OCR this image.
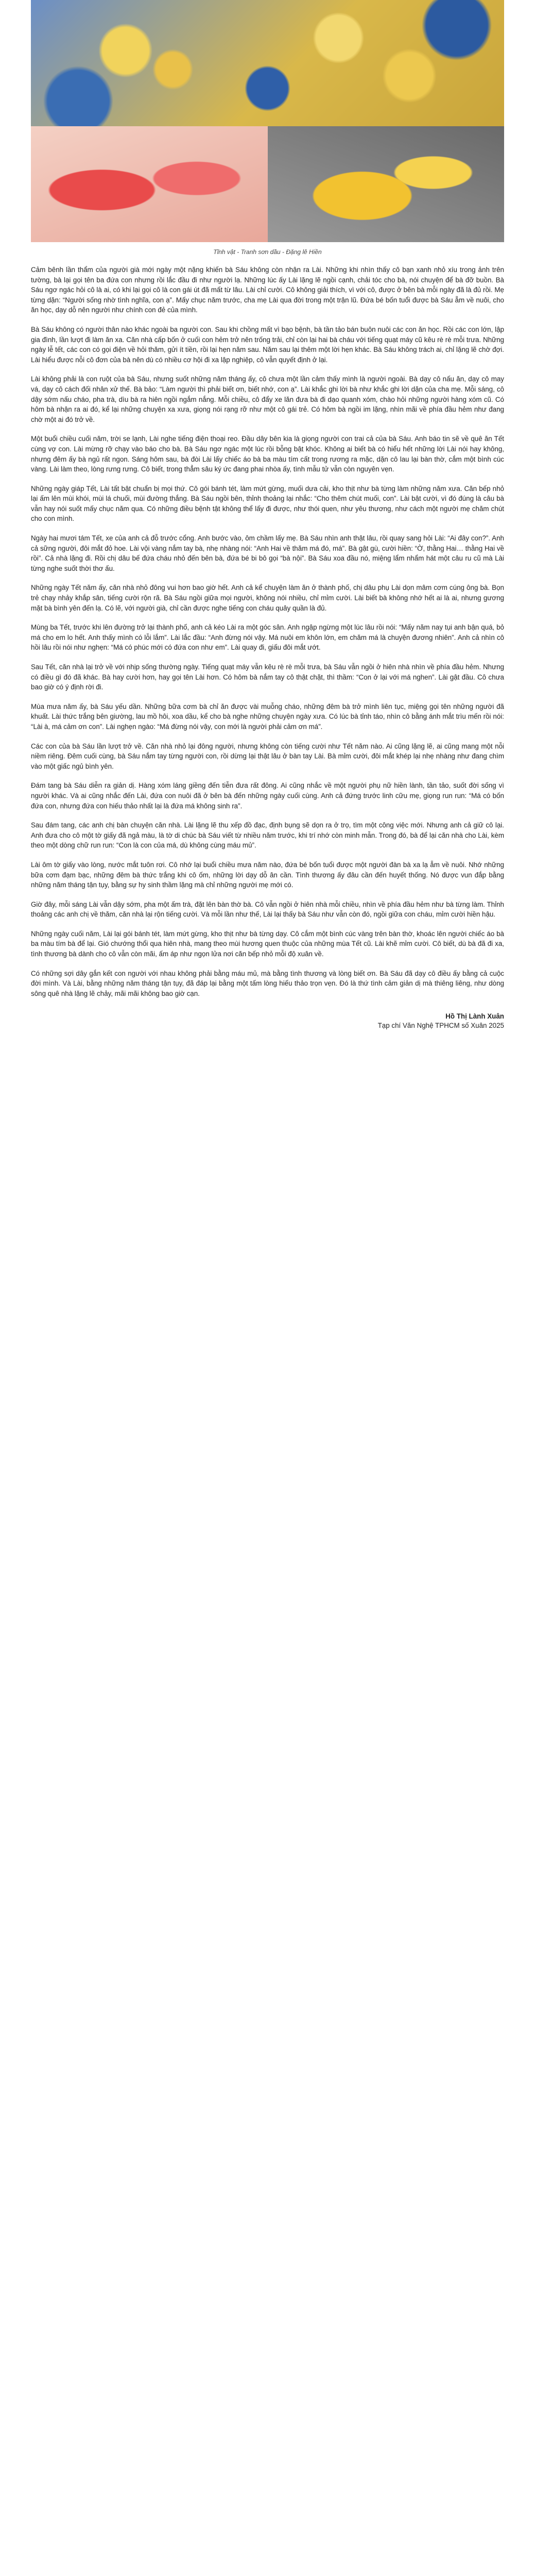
Tĩnh vật - Tranh sơn dầu - Đặng lê Hiền

Cảm bênh lần thẩm của người già mới ngày một nặng khiến bà Sáu không còn nhận ra Lài. Những khi nhìn thấy cô bạn xanh nhỏ xíu trong ảnh trên tường, bà lại gọi tên ba đứa con nhưng rồi lắc đầu đi như người lạ. Những lúc ấy Lài lặng lẽ ngồi cạnh, chải tóc cho bà, nói chuyện để bà đỡ buồn. Bà Sáu ngơ ngác hỏi cô là ai, có khi lại gọi cô là con gái út đã mất từ lâu. Lài chỉ cười. Cô không giải thích, vì với cô, được ở bên bà mỗi ngày đã là đủ rồi. Mẹ từng dặn: “Người sống nhờ tình nghĩa, con ạ”. Mấy chục năm trước, cha mẹ Lài qua đời trong một trận lũ. Đứa bé bốn tuổi được bà Sáu ẵm về nuôi, cho ăn học, dạy dỗ nên người như chính con đẻ của mình.

Bà Sáu không có người thân nào khác ngoài ba người con. Sau khi chồng mất vì bạo bệnh, bà tần tảo bán buôn nuôi các con ăn học. Rồi các con lớn, lập gia đình, lần lượt đi làm ăn xa. Căn nhà cấp bốn ở cuối con hẻm trở nên trống trải, chỉ còn lại hai bà cháu với tiếng quạt máy cũ kêu rè rè mỗi trưa. Những ngày lễ tết, các con có gọi điện về hỏi thăm, gửi ít tiền, rồi lại hẹn năm sau. Năm sau lại thêm một lời hẹn khác. Bà Sáu không trách ai, chỉ lặng lẽ chờ đợi. Lài hiểu được nỗi cô đơn của bà nên dù có nhiều cơ hội đi xa lập nghiệp, cô vẫn quyết định ở lại.

Lài không phải là con ruột của bà Sáu, nhưng suốt những năm tháng ấy, cô chưa một lần cảm thấy mình là người ngoài. Bà dạy cô nấu ăn, dạy cô may vá, dạy cô cách đối nhân xử thế. Bà bảo: “Làm người thì phải biết ơn, biết nhớ, con ạ”. Lài khắc ghi lời bà như khắc ghi lời dặn của cha mẹ. Mỗi sáng, cô dậy sớm nấu cháo, pha trà, dìu bà ra hiên ngồi ngắm nắng. Mỗi chiều, cô đẩy xe lăn đưa bà đi dạo quanh xóm, chào hỏi những người hàng xóm cũ. Có hôm bà nhận ra ai đó, kể lại những chuyện xa xưa, giọng nói rạng rỡ như một cô gái trẻ. Có hôm bà ngồi im lặng, nhìn mãi về phía đầu hẻm như đang chờ một ai đó trở về.

Một buổi chiều cuối năm, trời se lạnh, Lài nghe tiếng điện thoại reo. Đầu dây bên kia là giọng người con trai cả của bà Sáu. Anh báo tin sẽ về quê ăn Tết cùng vợ con. Lài mừng rỡ chạy vào báo cho bà. Bà Sáu ngơ ngác một lúc rồi bỗng bật khóc. Không ai biết bà có hiểu hết những lời Lài nói hay không, nhưng đêm ấy bà ngủ rất ngon. Sáng hôm sau, bà đòi Lài lấy chiếc áo bà ba màu tím cất trong rương ra mặc, dặn cô lau lại bàn thờ, cắm một bình cúc vàng. Lài làm theo, lòng rưng rưng. Cô biết, trong thẳm sâu ký ức đang phai nhòa ấy, tình mẫu tử vẫn còn nguyên vẹn.

Những ngày giáp Tết, Lài tất bật chuẩn bị mọi thứ. Cô gói bánh tét, làm mứt gừng, muối dưa cải, kho thịt như bà từng làm những năm xưa. Căn bếp nhỏ lại ấm lên mùi khói, mùi lá chuối, mùi đường thắng. Bà Sáu ngồi bên, thỉnh thoảng lại nhắc: “Cho thêm chút muối, con”. Lài bật cười, vì đó đúng là câu bà vẫn hay nói suốt mấy chục năm qua. Có những điều bệnh tật không thể lấy đi được, như thói quen, như yêu thương, như cách một người mẹ chăm chút cho con mình.

Ngày hai mươi tám Tết, xe của anh cả đỗ trước cổng. Anh bước vào, ôm chầm lấy mẹ. Bà Sáu nhìn anh thật lâu, rồi quay sang hỏi Lài: “Ai đây con?”. Anh cả sững người, đôi mắt đỏ hoe. Lài vội vàng nắm tay bà, nhẹ nhàng nói: “Anh Hai về thăm má đó, má”. Bà gật gù, cười hiền: “Ờ, thằng Hai… thằng Hai về rồi”. Cả nhà lặng đi. Rồi chị dâu bế đứa cháu nhỏ đến bên bà, đứa bé bi bô gọi “bà nội”. Bà Sáu xoa đầu nó, miệng lẩm nhẩm hát một câu ru cũ mà Lài từng nghe suốt thời thơ ấu.

Những ngày Tết năm ấy, căn nhà nhỏ đông vui hơn bao giờ hết. Anh cả kể chuyện làm ăn ở thành phố, chị dâu phụ Lài dọn mâm cơm cúng ông bà. Bọn trẻ chạy nhảy khắp sân, tiếng cười rộn rã. Bà Sáu ngồi giữa mọi người, không nói nhiều, chỉ mỉm cười. Lài biết bà không nhớ hết ai là ai, nhưng gương mặt bà bình yên đến lạ. Có lẽ, với người già, chỉ cần được nghe tiếng con cháu quây quần là đủ.

Mùng ba Tết, trước khi lên đường trở lại thành phố, anh cả kéo Lài ra một góc sân. Anh ngập ngừng một lúc lâu rồi nói: “Mấy năm nay tụi anh bận quá, bỏ má cho em lo hết. Anh thấy mình có lỗi lắm”. Lài lắc đầu: “Anh đừng nói vậy. Má nuôi em khôn lớn, em chăm má là chuyện đương nhiên”. Anh cả nhìn cô hồi lâu rồi nói như nghẹn: “Má có phúc mới có đứa con như em”. Lài quay đi, giấu đôi mắt ướt.

Sau Tết, căn nhà lại trở về với nhịp sống thường ngày. Tiếng quạt máy vẫn kêu rè rè mỗi trưa, bà Sáu vẫn ngồi ở hiên nhà nhìn về phía đầu hẻm. Nhưng có điều gì đó đã khác. Bà hay cười hơn, hay gọi tên Lài hơn. Có hôm bà nắm tay cô thật chặt, thì thầm: “Con ở lại với má nghen”. Lài gật đầu. Cô chưa bao giờ có ý định rời đi.

Mùa mưa năm ấy, bà Sáu yếu dần. Những bữa cơm bà chỉ ăn được vài muỗng cháo, những đêm bà trở mình liên tục, miệng gọi tên những người đã khuất. Lài thức trắng bên giường, lau mồ hôi, xoa dầu, kể cho bà nghe những chuyện ngày xưa. Có lúc bà tỉnh táo, nhìn cô bằng ánh mắt trìu mến rồi nói: “Lài à, má cảm ơn con”. Lài nghẹn ngào: “Má đừng nói vậy, con mới là người phải cảm ơn má”.

Các con của bà Sáu lần lượt trở về. Căn nhà nhỏ lại đông người, nhưng không còn tiếng cười như Tết năm nào. Ai cũng lặng lẽ, ai cũng mang một nỗi niềm riêng. Đêm cuối cùng, bà Sáu nắm tay từng người con, rồi dừng lại thật lâu ở bàn tay Lài. Bà mỉm cười, đôi mắt khép lại nhẹ nhàng như đang chìm vào một giấc ngủ bình yên.

Đám tang bà Sáu diễn ra giản dị. Hàng xóm láng giềng đến tiễn đưa rất đông. Ai cũng nhắc về một người phụ nữ hiền lành, tần tảo, suốt đời sống vì người khác. Và ai cũng nhắc đến Lài, đứa con nuôi đã ở bên bà đến những ngày cuối cùng. Anh cả đứng trước linh cữu mẹ, giọng run run: “Má có bốn đứa con, nhưng đứa con hiếu thảo nhất lại là đứa má không sinh ra”.

Sau đám tang, các anh chị bàn chuyện căn nhà. Lài lặng lẽ thu xếp đồ đạc, định bụng sẽ dọn ra ở trọ, tìm một công việc mới. Nhưng anh cả giữ cô lại. Anh đưa cho cô một tờ giấy đã ngả màu, là tờ di chúc bà Sáu viết từ nhiều năm trước, khi trí nhớ còn minh mẫn. Trong đó, bà để lại căn nhà cho Lài, kèm theo một dòng chữ run run: “Con là con của má, dù không cùng máu mủ”.

Lài ôm tờ giấy vào lòng, nước mắt tuôn rơi. Cô nhớ lại buổi chiều mưa năm nào, đứa bé bốn tuổi được một người đàn bà xa lạ ẵm về nuôi. Nhớ những bữa cơm đạm bạc, những đêm bà thức trắng khi cô ốm, những lời dạy dỗ ân cần. Tình thương ấy đâu cần đến huyết thống. Nó được vun đắp bằng những năm tháng tận tụy, bằng sự hy sinh thầm lặng mà chỉ những người mẹ mới có.

Giờ đây, mỗi sáng Lài vẫn dậy sớm, pha một ấm trà, đặt lên bàn thờ bà. Cô vẫn ngồi ở hiên nhà mỗi chiều, nhìn về phía đầu hẻm như bà từng làm. Thỉnh thoảng các anh chị về thăm, căn nhà lại rộn tiếng cười. Và mỗi lần như thế, Lài lại thấy bà Sáu như vẫn còn đó, ngồi giữa con cháu, mỉm cười hiền hậu.

Những ngày cuối năm, Lài lại gói bánh tét, làm mứt gừng, kho thịt như bà từng dạy. Cô cắm một bình cúc vàng trên bàn thờ, khoác lên người chiếc áo bà ba màu tím bà để lại. Gió chướng thổi qua hiên nhà, mang theo mùi hương quen thuộc của những mùa Tết cũ. Lài khẽ mỉm cười. Cô biết, dù bà đã đi xa, tình thương bà dành cho cô vẫn còn mãi, ấm áp như ngọn lửa nơi căn bếp nhỏ mỗi độ xuân về.

Có những sợi dây gắn kết con người với nhau không phải bằng máu mủ, mà bằng tình thương và lòng biết ơn. Bà Sáu đã dạy cô điều ấy bằng cả cuộc đời mình. Và Lài, bằng những năm tháng tận tụy, đã đáp lại bằng một tấm lòng hiếu thảo trọn vẹn. Đó là thứ tình cảm giản dị mà thiêng liêng, như dòng sông quê nhà lặng lẽ chảy, mãi mãi không bao giờ cạn.

Hồ Thị Lành Xuân
Tạp chí Văn Nghệ TPHCM số Xuân 2025
